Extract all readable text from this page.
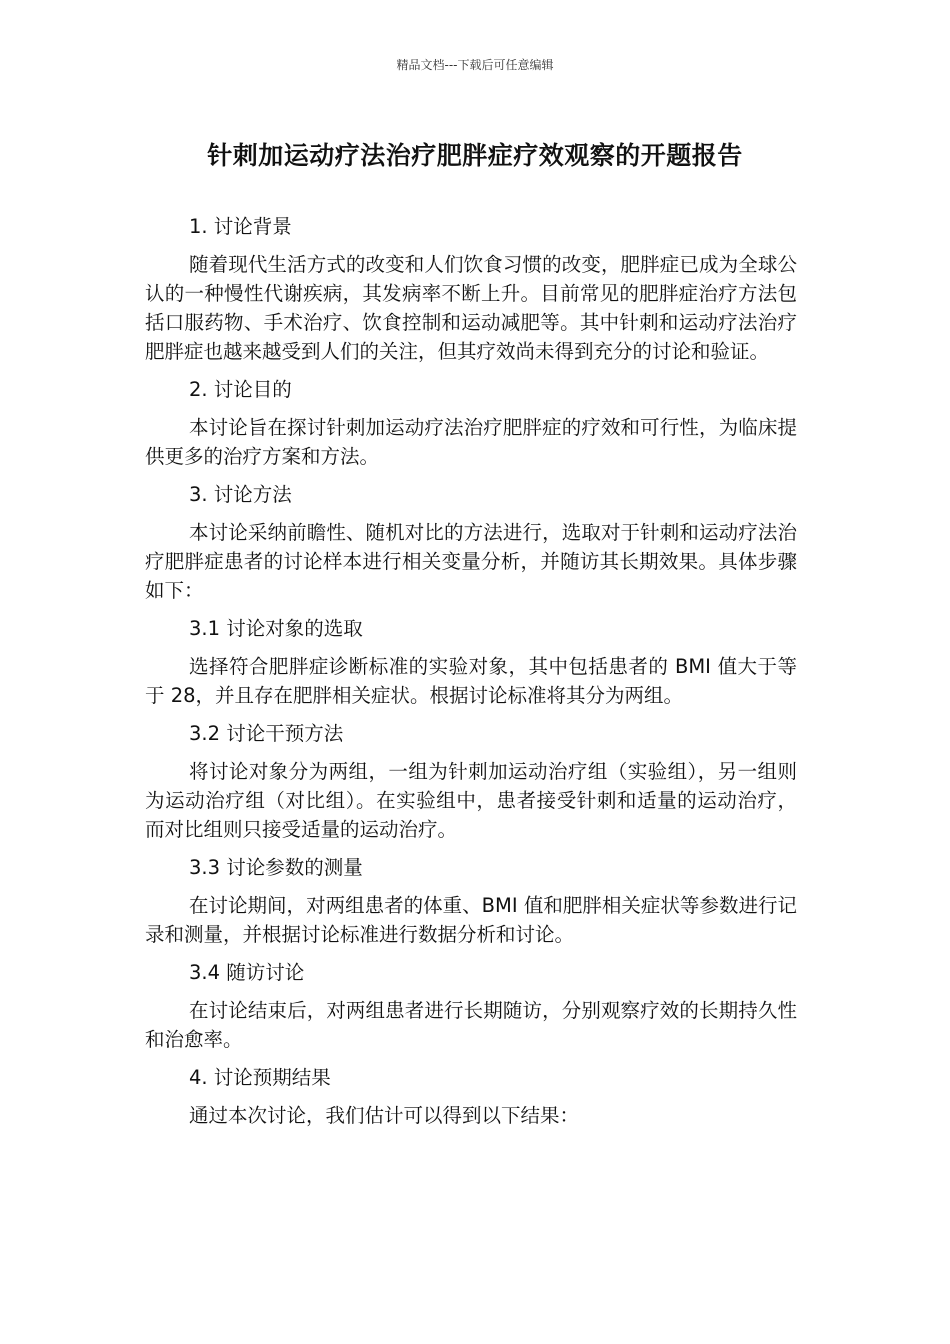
精品文档---下载后可任意编辑
针刺加运动疗法治疗肥胖症疗效观察的开题报告
1. 讨论背景

随着现代生活方式的改变和人们饮食习惯的改变，肥胖症已成为全球公认的一种慢性代谢疾病，其发病率不断上升。目前常见的肥胖症治疗方法包括口服药物、手术治疗、饮食控制和运动减肥等。其中针刺和运动疗法治疗肥胖症也越来越受到人们的关注，但其疗效尚未得到充分的讨论和验证。

2. 讨论目的

本讨论旨在探讨针刺加运动疗法治疗肥胖症的疗效和可行性，为临床提供更多的治疗方案和方法。

3. 讨论方法

本讨论采纳前瞻性、随机对比的方法进行，选取对于针刺和运动疗法治疗肥胖症患者的讨论样本进行相关变量分析，并随访其长期效果。具体步骤如下：

3.1 讨论对象的选取

选择符合肥胖症诊断标准的实验对象，其中包括患者的 BMI 值大于等于 28，并且存在肥胖相关症状。根据讨论标准将其分为两组。

3.2 讨论干预方法

将讨论对象分为两组，一组为针刺加运动治疗组（实验组），另一组则为运动治疗组（对比组）。在实验组中，患者接受针刺和适量的运动治疗，而对比组则只接受适量的运动治疗。

3.3 讨论参数的测量

在讨论期间，对两组患者的体重、BMI 值和肥胖相关症状等参数进行记录和测量，并根据讨论标准进行数据分析和讨论。

3.4 随访讨论

在讨论结束后，对两组患者进行长期随访，分别观察疗效的长期持久性和治愈率。

4. 讨论预期结果

通过本次讨论，我们估计可以得到以下结果：
